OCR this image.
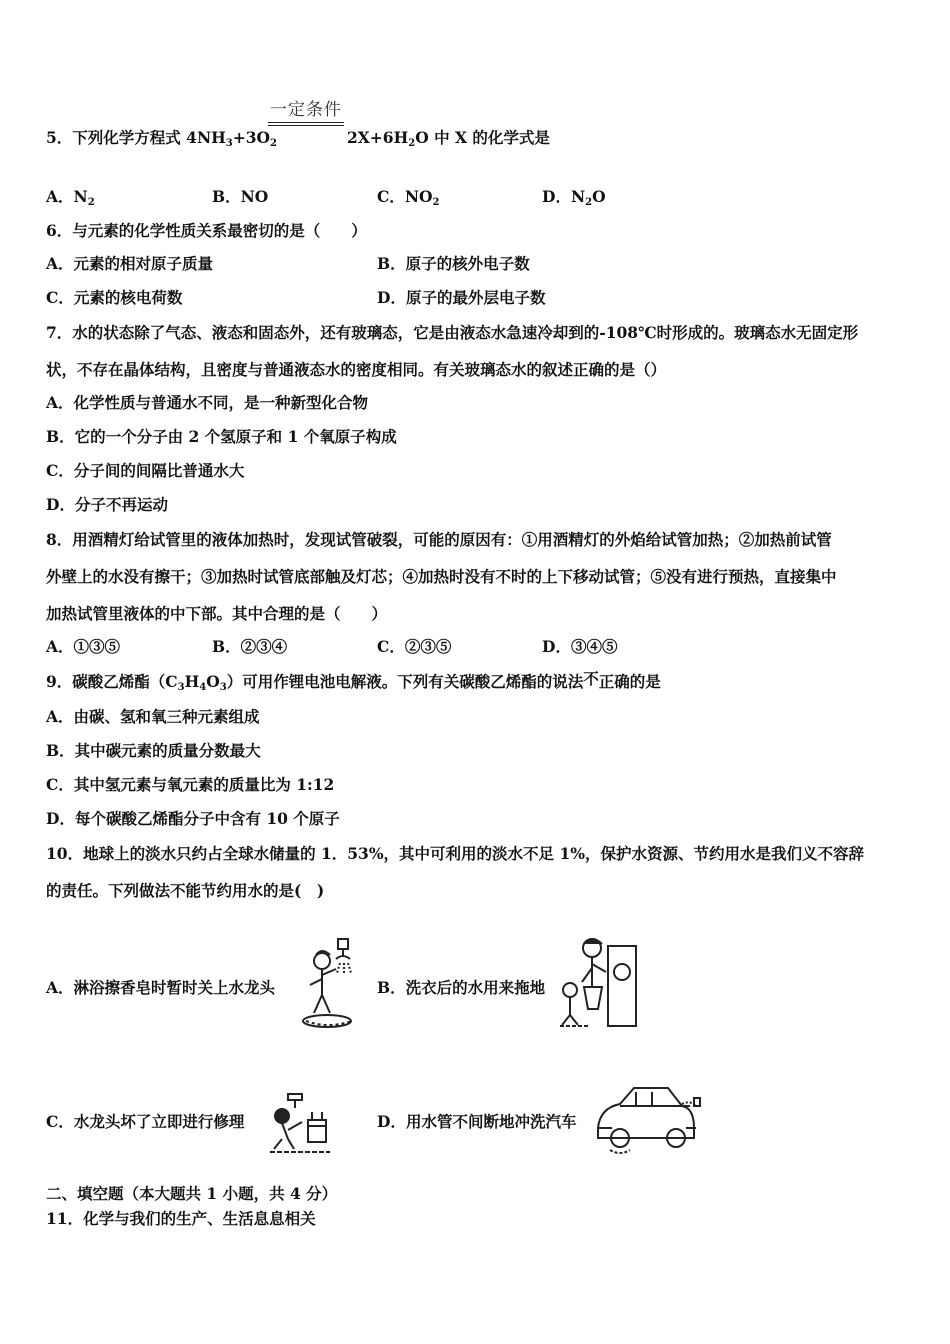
一定条件
5．下列化学方程式 $4NH_3+3O_2$	$2X+6H_2O$ 中 X 的化学式是
A．$N_2$	B．NO	C．$NO_2$	D．$N_2O$
6．与元素的化学性质关系最密切的是（　　）
A．元素的相对原子质量	B．原子的核外电子数
C．元素的核电荷数	D．原子的最外层电子数
7．水的状态除了气态、液态和固态外，还有玻璃态，它是由液态水急速冷却到的-108℃时形成的。玻璃态水无固定形
状，不存在晶体结构，且密度与普通液态水的密度相同。有关玻璃态水的叙述正确的是（）
A．化学性质与普通水不同，是一种新型化合物
B．它的一个分子由 2 个氢原子和 1 个氧原子构成
C．分子间的间隔比普通水大
D．分子不再运动
8．用酒精灯给试管里的液体加热时，发现试管破裂，可能的原因有：①用酒精灯的外焰给试管加热；②加热前试管
外壁上的水没有擦干；③加热时试管底部触及灯芯；④加热时没有不时的上下移动试管；⑤没有进行预热，直接集中
加热试管里液体的中下部。其中合理的是（　　）
A．①③⑤	B．②③④	C．②③⑤	D．③④⑤
9．碳酸乙烯酯$(C_3H_4O_3)$可用作锂电池电解液。下列有关碳酸乙烯酯的说法不正确的是
A．由碳、氢和氧三种元素组成
B．其中碳元素的质量分数最大
C．其中氢元素与氧元素的质量比为 1:12
D．每个碳酸乙烯酯分子中含有 10 个原子
10．地球上的淡水只约占全球水储量的 1．53%，其中可利用的淡水不足 1%，保护水资源、节约用水是我们义不容辞
的责任。下列做法不能节约用水的是(　)
A．淋浴擦香皂时暂时关上水龙头	B．洗衣后的水用来拖地
C．水龙头坏了立即进行修理	D．用水管不间断地冲洗汽车
二、填空题（本大题共 1 小题，共 4 分）
11．化学与我们的生产、生活息息相关
